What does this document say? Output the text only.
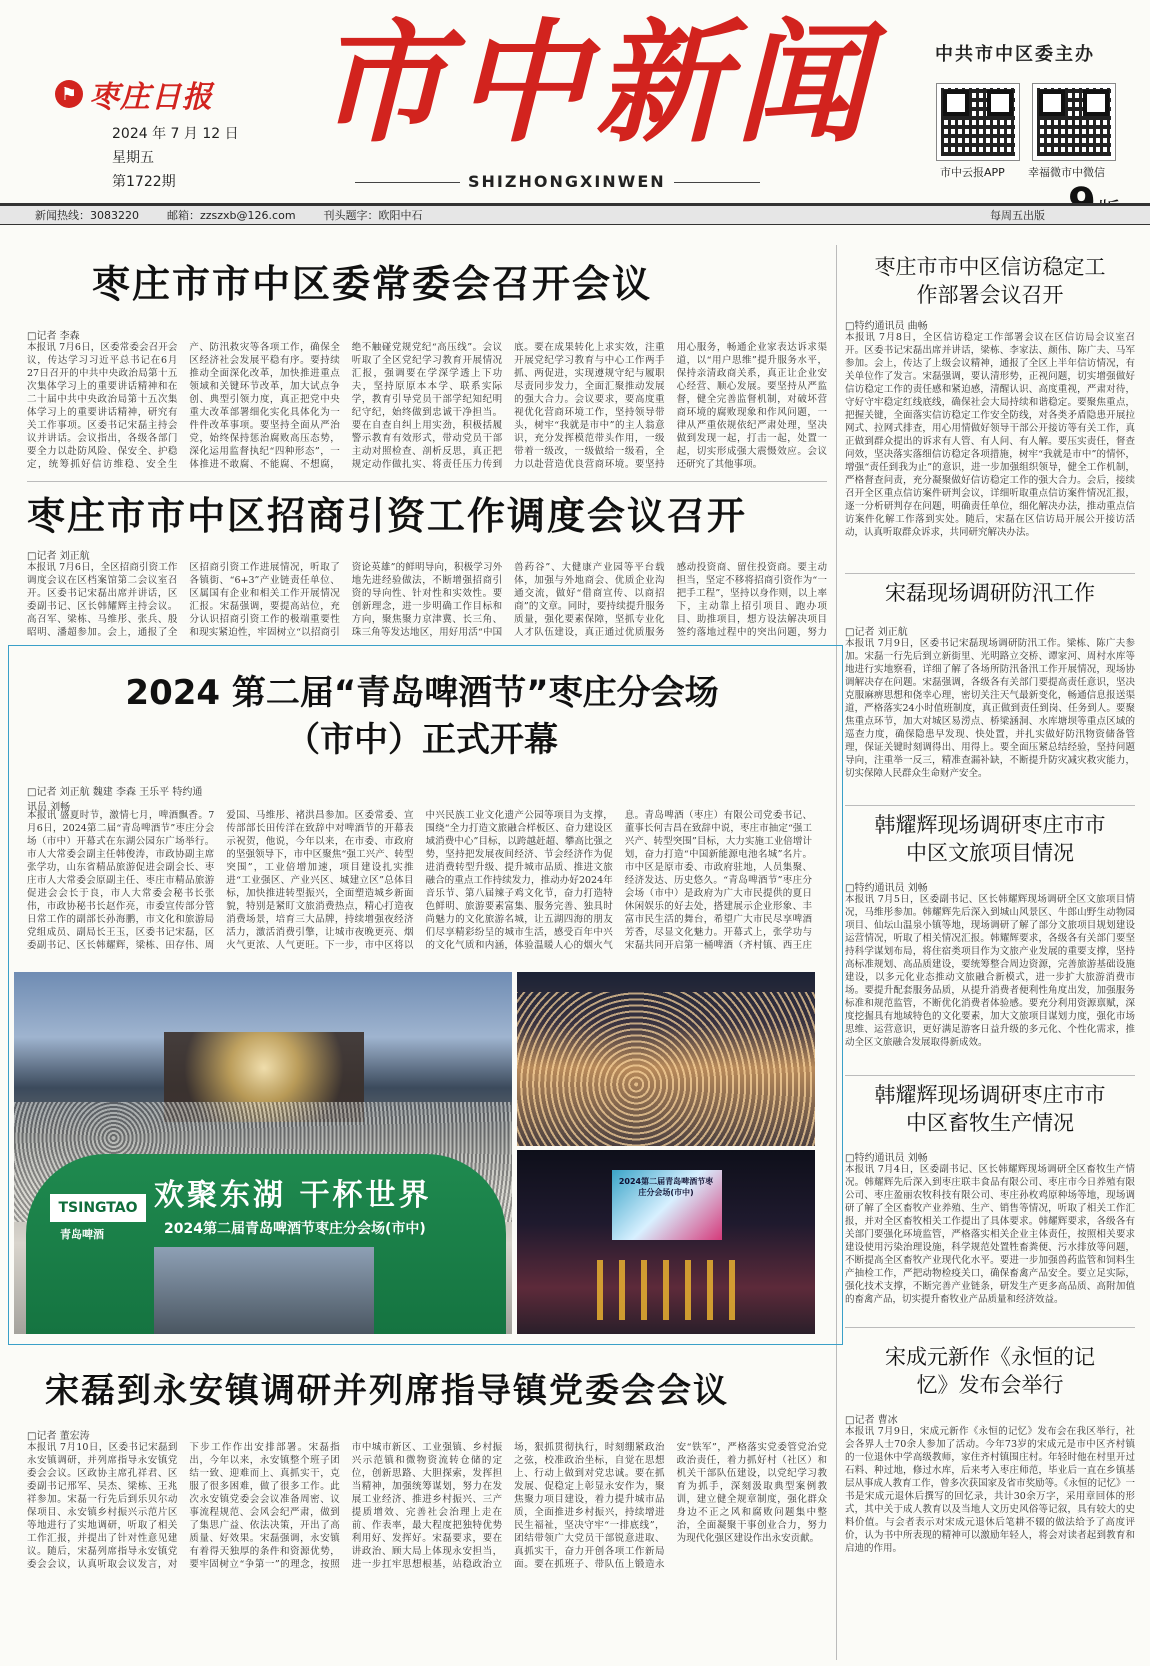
⚑ 枣庄日报
2024 年 7 月 12 日
星期五
第1722期
市中新闻
SHIZHONGXINWEN
中共市中区委主办
市中云报APP 幸福微市中微信
新闻热线：3083220	邮箱：zzszxb@126.com	刊头题字：欧阳中石	每周五出版
枣庄市市中区委常委会召开会议
□记者 李森
本报讯 7月6日，区委常委会召开会议，传达学习习近平总书记在6月27日召开的中共中央政治局第十五次集体学习上的重要讲话精神和在二十届中共中央政治局第十五次集体学习上的重要讲话精神，研究有关工作事项。区委书记宋磊主持会议并讲话。会议指出，各级各部门要全力以赴防风险、保安全、护稳定，统筹抓好信访维稳、安全生产、防汛救灾等各项工作，确保全区经济社会发展平稳有序。要持续推动全面深化改革，加快推进重点领域和关键环节改革，加大试点争创、典型引领力度，真正把党中央重大改革部署细化实化具体化为一件件改革事项。要坚持全面从严治党，始终保持惩治腐败高压态势，深化运用监督执纪“四种形态”，一体推进不敢腐、不能腐、不想腐，绝不触碰党规党纪“高压线”。会议听取了全区党纪学习教育开展情况汇报，强调要在学深学透上下功夫，坚持原原本本学、联系实际学，教育引导党员干部学纪知纪明纪守纪，始终做到忠诚干净担当。要在自查自纠上用实劲，积极括履警示教育有效形式，带动党员干部主动对照检查、剖析反思，真正把规定动作做扎实、将责任压力传到底。要在成果转化上求实效，注重开展党纪学习教育与中心工作两手抓、两促进，实现遵规守纪与履职尽责同步发力，全面汇聚推动发展的强大合力。会议要求，要高度重视优化营商环境工作，坚持领导带头，树牢“我就是市中”的主人翁意识，充分发挥模范带头作用，一级带着一级改，一级做给一级看，全力以赴营造优良营商环境。要坚持用心服务，畅通企业家表达诉求渠道，以“用户思维”提升服务水平，保持亲清政商关系，真正让企业安心经营、顺心发展。要坚持从严监督，健全完善监督机制，对破坏营商环境的腐败现象和作风问题，一律从严重依规依纪严肃处理，坚决做到发现一起，打击一起，处置一起，切实形成强大震慑效应。会议还研究了其他事项。
枣庄市市中区招商引资工作调度会议召开
□记者 刘正航
本报讯 7月6日，全区招商引资工作调度会议在区档案馆第二会议室召开。区委书记宋磊出席并讲话，区委副书记、区长韩耀辉主持会议。高召军、梁栋、马维彤、张兵、殷昭明、潘超参加。会上，通报了全区招商引资工作进展情况，听取了各镇街、“6+3”产业链责任单位、区属国有企业和相关工作开展情况汇报。宋磊强调，要提高站位，充分认识招商引资工作的极端重要性和现实紧迫性，牢固树立“以招商引资论英雄”的鲜明导向，积极学习外地先进经验做法，不断增强招商引资的导向性、针对性和实效性。要创新理念，进一步明确工作目标和方向，聚焦聚力京津冀、长三角、珠三角等发达地区，用好用活“中国兽药谷”、大健康产业园等平台载体，加强与外地商会、优质企业沟通交流，做好“借商宣传、以商招商”的文章。同时，要持续提升服务质量，强化要素保障，坚抓专业化人才队伍建设，真正通过优质服务感动投资商、留住投资商。要主动担当，坚定不移将招商引资作为“一把手工程”，坚持以身作则，以上率下，主动靠上招引项目、跑办项目、助推项目，想方设法解决项目签约落地过程中的突出问题，努力
2024 第二届“青岛啤酒节”枣庄分会场
（市中）正式开幕
□记者 刘正航 魏建 李森 王乐平 特约通讯员 刘畅
本报讯 盛夏时节，激情七月，啤酒飘香。7月6日，2024第二届“青岛啤酒节”枣庄分会场（市中）开幕式在东湖公园东广场举行。市人大常委会副主任韩俊涛，市政协副主席张学功，山东省精品旅游促进会副会长、枣庄市人大常委会原副主任、枣庄市精品旅游促进会会长于良，市人大常委会秘书长张伟，市政协秘书长赵作亮，市委宣传部分管日常工作的副部长孙海鹏，市文化和旅游局党组成员、副局长王玉，区委书记宋磊，区委副书记、区长韩耀辉，梁栋、田存伟、周爱国、马维彤、褚洪昌参加。区委常委、宣传部部长田传洋在致辞中对啤酒节的开幕表示祝贺，他说，今年以来，在市委、市政府的坚强领导下，市中区聚焦“强工兴产、转型突围”，工业倍增加速，项目建设扎实推进“工业强区、产业兴区、城建立区”总体目标，加快推进转型振兴，全面塑造城乡新面貌，特别是紧盯文旅消费热点，精心打造夜消费场景，培育三大品牌，持续增强夜经济活力，激活消费引擎，让城市夜晚更亮、烟火气更浓、人气更旺。下一步，市中区将以中兴民族工业文化遗产公园等项目为支撑，围绕“全力打造文旅融合样板区、奋力建设区域消费中心”目标，以跨越赶超、攀高比强之势，坚持把发展夜间经济、节会经济作为促进消费转型升级、提升城市品质、推进文旅融合的重点工作持续发力，推动办好2024年音乐节、第八届辣子鸡文化节，奋力打造特色鲜明、旅游要素富集、服务完善、独具时尚魅力的文化旅游名城，让五湖四海的朋友们尽享精彩纷呈的城市生活，感受百年中兴的文化气质和内涵，体验温暖人心的烟火气息。青岛啤酒（枣庄）有限公司党委书记、董事长何吉昌在致辞中说，枣庄市抽定“强工兴产、转型突围”目标，大力实施工业倍增计划，奋力打造“中国新能源电池名城”名片。市中区是原市委、市政府驻地，人员集聚、经济发达、历史悠久。“青岛啤酒节”枣庄分会场（市中）是政府为广大市民提供的夏日休闲娱乐的好去处，搭建展示企业形象、丰富市民生活的舞台，希望广大市民尽享啤酒芳香，尽显文化魅力。开幕式上，张学功与宋磊共同开启第一桶啤酒（齐村镇、西王庄
宋磊到永安镇调研并列席指导镇党委会会议
□记者 董宏涛
本报讯 7月10日，区委书记宋磊到永安镇调研，并列席指导永安镇党委会会议。区政协主席孔祥君、区委副书记邢军、吴杰、梁栋、王兆祥参加。宋磊一行先后到乐贝尔动保项目、永安镇乡村振兴示范片区等地进行了实地调研，听取了相关工作汇报，并提出了针对性意见建议。随后，宋磊列席指导永安镇党委会会议，认真听取会议发言，对下步工作作出安排部署。宋磊指出，今年以来，永安镇整个班子团结一致、迎难而上、真抓实干，克服了很多困难，做了很多工作。此次永安镇党委会会议准备周密、议事流程规范、会风会纪严肃，做到了集思广益、依法决策，开出了高质量、好效果。宋磊强调，永安镇有着得天独厚的条件和资源优势，要牢固树立“争第一”的理念，按照市中城市新区、工业强镇、乡村振兴示范镇和微物资流转仓储的定位，创新思路、大胆探索，发挥担当精神，加强统筹谋划，努力在发展工业经济、推进乡村振兴、三产提质增效、完善社会治理上走在前、作表率，最大程度把独特优势利用好、发挥好。宋磊要求，要在讲政治、顾大局上体现永安担当，进一步扛牢思想根基，站稳政治立场，狠抓贯彻执行，时刻绷紧政治之弦，校准政治坐标，自觉在思想上、行动上做到对党忠诚。要在抓发展、促稳定上彰显永安作为，聚焦聚力项目建设，着力提升城市品质，全面推进乡村振兴，持续增进民生福祉，坚决守牢“一排底线”，团结带领广大党员干部锐意进取、真抓实干，奋力开创各项工作新局面。要在抓班子、带队伍上锻造永安“铁军”，严格落实党委管党治党政治责任，着力抓好村（社区）和机关干部队伍建设，以党纪学习教育为抓手，深刻汲取典型案例教训，建立健全规章制度，强化群众身边不正之风和腐败问题集中整治，全面凝聚干事创业合力，努力为现代化强区建设作出永安贡献。
欢聚东湖 干杯世界
2024第二届青岛啤酒节枣庄分会场(市中)
TSINGTAO
青岛啤酒
2024第二届青岛啤酒节枣庄分会场(市中)
枣庄市市中区信访稳定工作部署会议召开
□特约通讯员 曲畅
本报讯 7月8日，全区信访稳定工作部署会议在区信访局会议室召开。区委书记宋磊出席并讲话，梁栋、李家法、颜伟、陈广夫、马军参加。会上，传达了上级会议精神，通报了全区上半年信访情况，有关单位作了发言。宋磊强调，要认清形势，正视问题，切实增强做好信访稳定工作的责任感和紧迫感，清醒认识、高度重视，严肃对待，守好守牢稳定红线底线，确保社会大局持续和谐稳定。要聚焦重点，把握关键，全面落实信访稳定工作安全防线，对各类矛盾隐患开展拉网式、拉网式排查，用心用情做好领导干部公开接访等有关工作，真正做到群众提出的诉求有人管、有人问、有人解。要压实责任，督查问效，坚决落实落细信访稳定各项措施，树牢“我就是市中”的情怀，增强“责任到我为止”的意识，进一步加强组织领导，健全工作机制，严格督查问责，充分凝聚做好信访稳定工作的强大合力。会后，接续召开全区重点信访案件研判会议，详细听取重点信访案件情况汇报，逐一分析研判存在问题，明确责任单位，细化解决办法，推动重点信访案件化解工作落到实处。随后，宋磊在区信访局开展公开接访活动，认真听取群众诉求，共同研究解决办法。
宋磊现场调研防汛工作
□记者 刘正航
本报讯 7月9日，区委书记宋磊现场调研防汛工作。梁栋、陈广夫参加。宋磊一行先后到立新街里、光明路立交桥、谭家河、周村水库等地进行实地察看，详细了解了各场所防汛备汛工作开展情况，现场协调解决存在问题。宋磊强调，各级各有关部门要提高责任意识，坚决克服麻痹思想和侥幸心理，密切关注天气最新变化，畅通信息报送渠道，严格落实24小时值班制度，真正做到责任到岗、任务到人。要聚焦重点环节，加大对城区易涝点、桥梁涵洞、水库塘坝等重点区域的巡查力度，确保隐患早发现、快处置，并扎实做好防汛物资储备管理，保证关键时刻调得出、用得上。要全面压紧总结经验，坚持问题导向，注重举一反三，精准查漏补缺，不断提升防灾减灾救灾能力，切实保障人民群众生命财产安全。
韩耀辉现场调研枣庄市市中区文旅项目情况
□特约通讯员 刘畅
本报讯 7月5日，区委副书记、区长韩耀辉现场调研全区文旅项目情况，马维彤参加。韩耀辉先后深入到城山风景区、牛郎山野生动物园项目、仙坛山温泉小镇等地，现场调研了解了部分文旅项目规划建设运营情况，听取了相关情况汇报。韩耀辉要求，各级各有关部门要坚持科学谋划布局，将住宿类项目作为文旅产业发展的重要支撑，坚持高标准规划、高品质建设，要统筹整合周边资源，完善旅游基础设施建设，以多元化业态推动文旅融合新模式，进一步扩大旅游消费市场。要提升配套服务品质，从提升消费者便利性角度出发，加强服务标准和规范监管，不断优化消费者体验感。要充分利用资源禀赋，深度挖掘具有地域特色的文化要素，加大文旅项目谋划力度，强化市场思维、运营意识，更好满足游客日益升级的多元化、个性化需求，推动全区文旅融合发展取得新成效。
韩耀辉现场调研枣庄市市中区畜牧生产情况
□特约通讯员 刘畅
本报讯 7月4日，区委副书记、区长韩耀辉现场调研全区畜牧生产情况。韩耀辉先后深入到枣庄联丰食品有限公司、枣庄市今日养殖有限公司、枣庄盈丽农牧科技有限公司、枣庄孙枚鸡原种场等地，现场调研了解了全区畜牧产业养殖、生产、销售等情况，听取了相关工作汇报，并对全区畜牧相关工作提出了具体要求。韩耀辉要求，各级各有关部门要强化环境监管，严格落实相关企业主体责任，按照相关要求建设使用污染治理设施，科学规范处置牲畜粪便、污水排放等问题，不断提高全区畜牧产业现代化水平。要进一步加强兽药监管和饲料生产抽检工作，严把动物检疫关口，确保畜禽产品安全。要立足实际，强化技术支撑，不断完善产业链条，研发生产更多高品质、高附加值的畜禽产品，切实提升畜牧业产品质量和经济效益。
宋成元新作《永恒的记忆》发布会举行
□记者 曹冰
本报讯 7月9日，宋成元新作《永恒的记忆》发布会在我区举行，社会各界人士70余人参加了活动。今年73岁的宋成元是市中区齐村镇的一位退休中学高级教师，家住齐村镇围庄村。年轻时他在村里开过石料、种过地，修过水库，后来考入枣庄师范，毕业后一直在乡镇基层从事成人教育工作，曾多次获国家及省市奖励等。《永恒的记忆》一书是宋成元退休后撰写的回忆录，共计30余万字，采用章回体的形式，其中关于成人教育以及当地人文历史风俗等记叙，具有较大的史料价值。与会者表示对宋成元退休后笔耕不辍的做法给予了高度评价，认为书中所表现的精神可以激励年轻人，将会对读者起到教育和启迪的作用。
